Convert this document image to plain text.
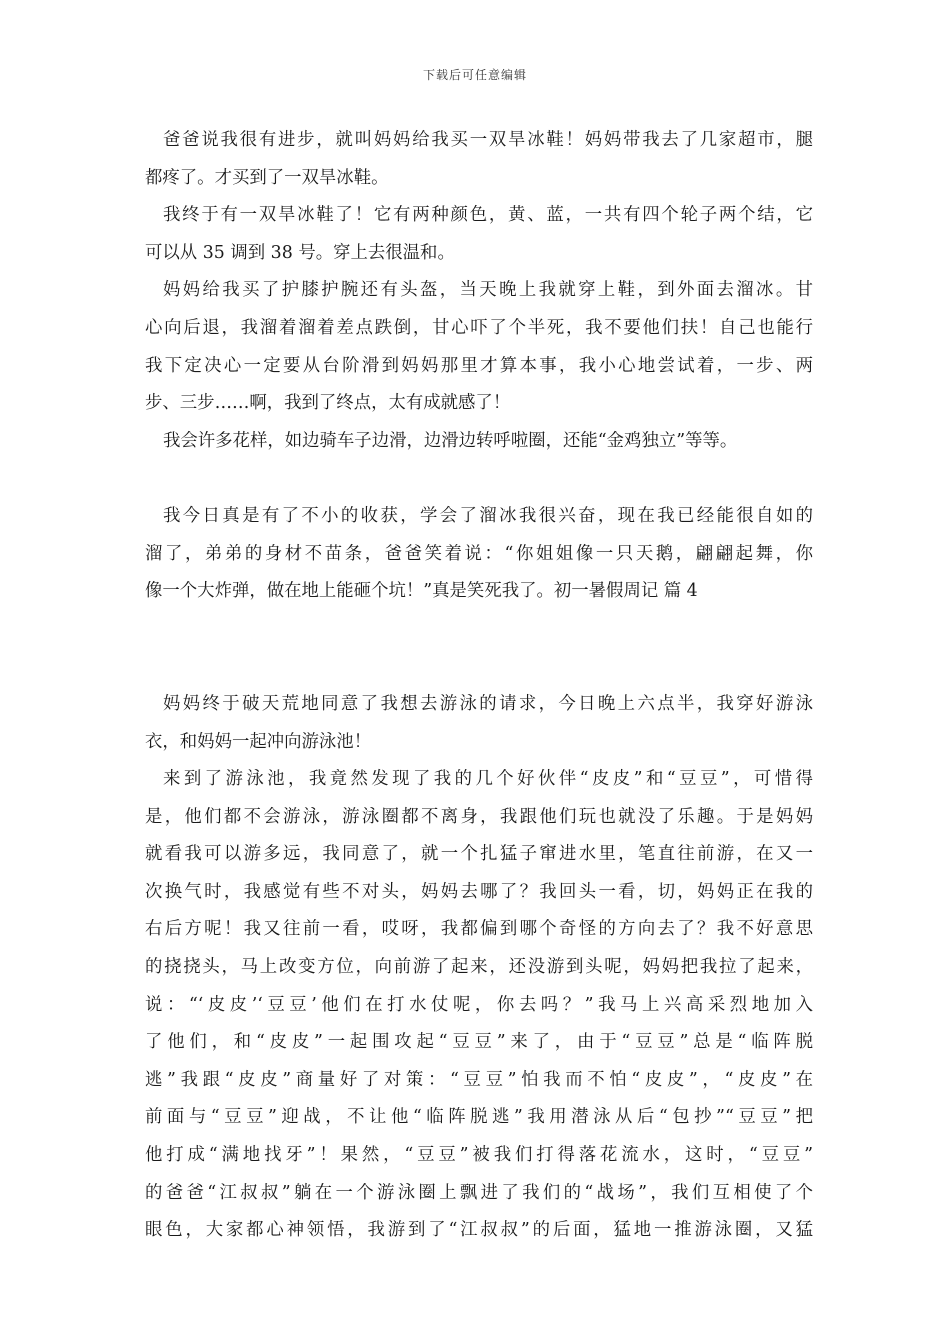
下载后可任意编辑
爸爸说我很有进步，就叫妈妈给我买一双旱冰鞋！妈妈带我去了几家超市，腿
都疼了。才买到了一双旱冰鞋。
我终于有一双旱冰鞋了！它有两种颜色，黄、蓝，一共有四个轮子两个结，它
可以从 35 调到 38 号。穿上去很温和。
妈妈给我买了护膝护腕还有头盔，当天晚上我就穿上鞋，到外面去溜冰。甘
心向后退，我溜着溜着差点跌倒，甘心吓了个半死，我不要他们扶！自己也能行
我下定决心一定要从台阶滑到妈妈那里才算本事，我小心地尝试着，一步、两
步、三步……啊，我到了终点，太有成就感了！
我会许多花样，如边骑车子边滑，边滑边转呼啦圈，还能“金鸡独立”等等。
我今日真是有了不小的收获，学会了溜冰我很兴奋，现在我已经能很自如的
溜了，弟弟的身材不苗条，爸爸笑着说：“你姐姐像一只天鹅，翩翩起舞，你
像一个大炸弹，做在地上能砸个坑！”真是笑死我了。初一暑假周记 篇 4
妈妈终于破天荒地同意了我想去游泳的请求，今日晚上六点半，我穿好游泳
衣，和妈妈一起冲向游泳池！
来到了游泳池，我竟然发现了我的几个好伙伴“皮皮”和“豆豆”，可惜得
是，他们都不会游泳，游泳圈都不离身，我跟他们玩也就没了乐趣。于是妈妈
就看我可以游多远，我同意了，就一个扎猛子窜进水里，笔直往前游，在又一
次换气时，我感觉有些不对头，妈妈去哪了？我回头一看，切，妈妈正在我的
右后方呢！我又往前一看，哎呀，我都偏到哪个奇怪的方向去了？我不好意思
的挠挠头，马上改变方位，向前游了起来，还没游到头呢，妈妈把我拉了起来，
说：“‘皮皮’‘豆豆’他们在打水仗呢，你去吗？”我马上兴高采烈地加入
了他们，和“皮皮”一起围攻起“豆豆”来了，由于“豆豆”总是“临阵脱
逃”我跟“皮皮”商量好了对策：“豆豆”怕我而不怕“皮皮”，“皮皮”在
前面与“豆豆”迎战，不让他“临阵脱逃”我用潜泳从后“包抄”“豆豆”把
他打成“满地找牙”！果然，“豆豆”被我们打得落花流水，这时，“豆豆”
的爸爸“江叔叔”躺在一个游泳圈上飘进了我们的“战场”，我们互相使了个
眼色，大家都心神领悟，我游到了“江叔叔”的后面，猛地一推游泳圈，又猛
